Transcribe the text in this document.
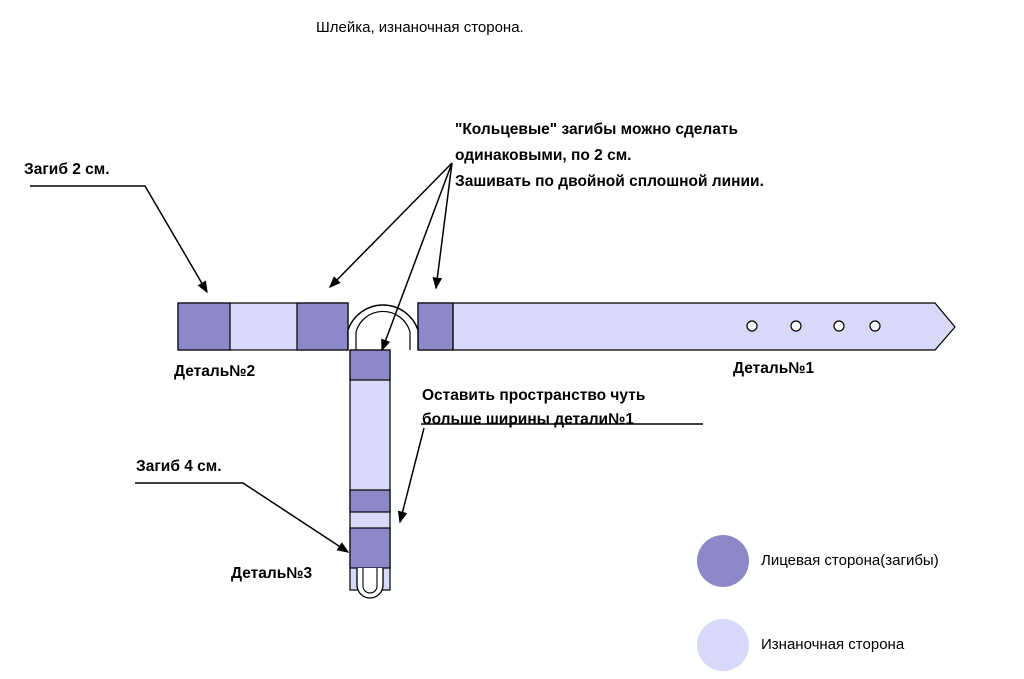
Шлейка, изнаночная сторона.
Загиб 2 см.
Загиб 4 см.
"Кольцевые" загибы можно сделать
одинаковыми, по 2 см.
Зашивать по двойной сплошной линии.
Оставить пространство чуть
больше ширины детали№1
Деталь№1
Деталь№2
Деталь№3
Лицевая сторона(загибы)
Изнаночная сторона
